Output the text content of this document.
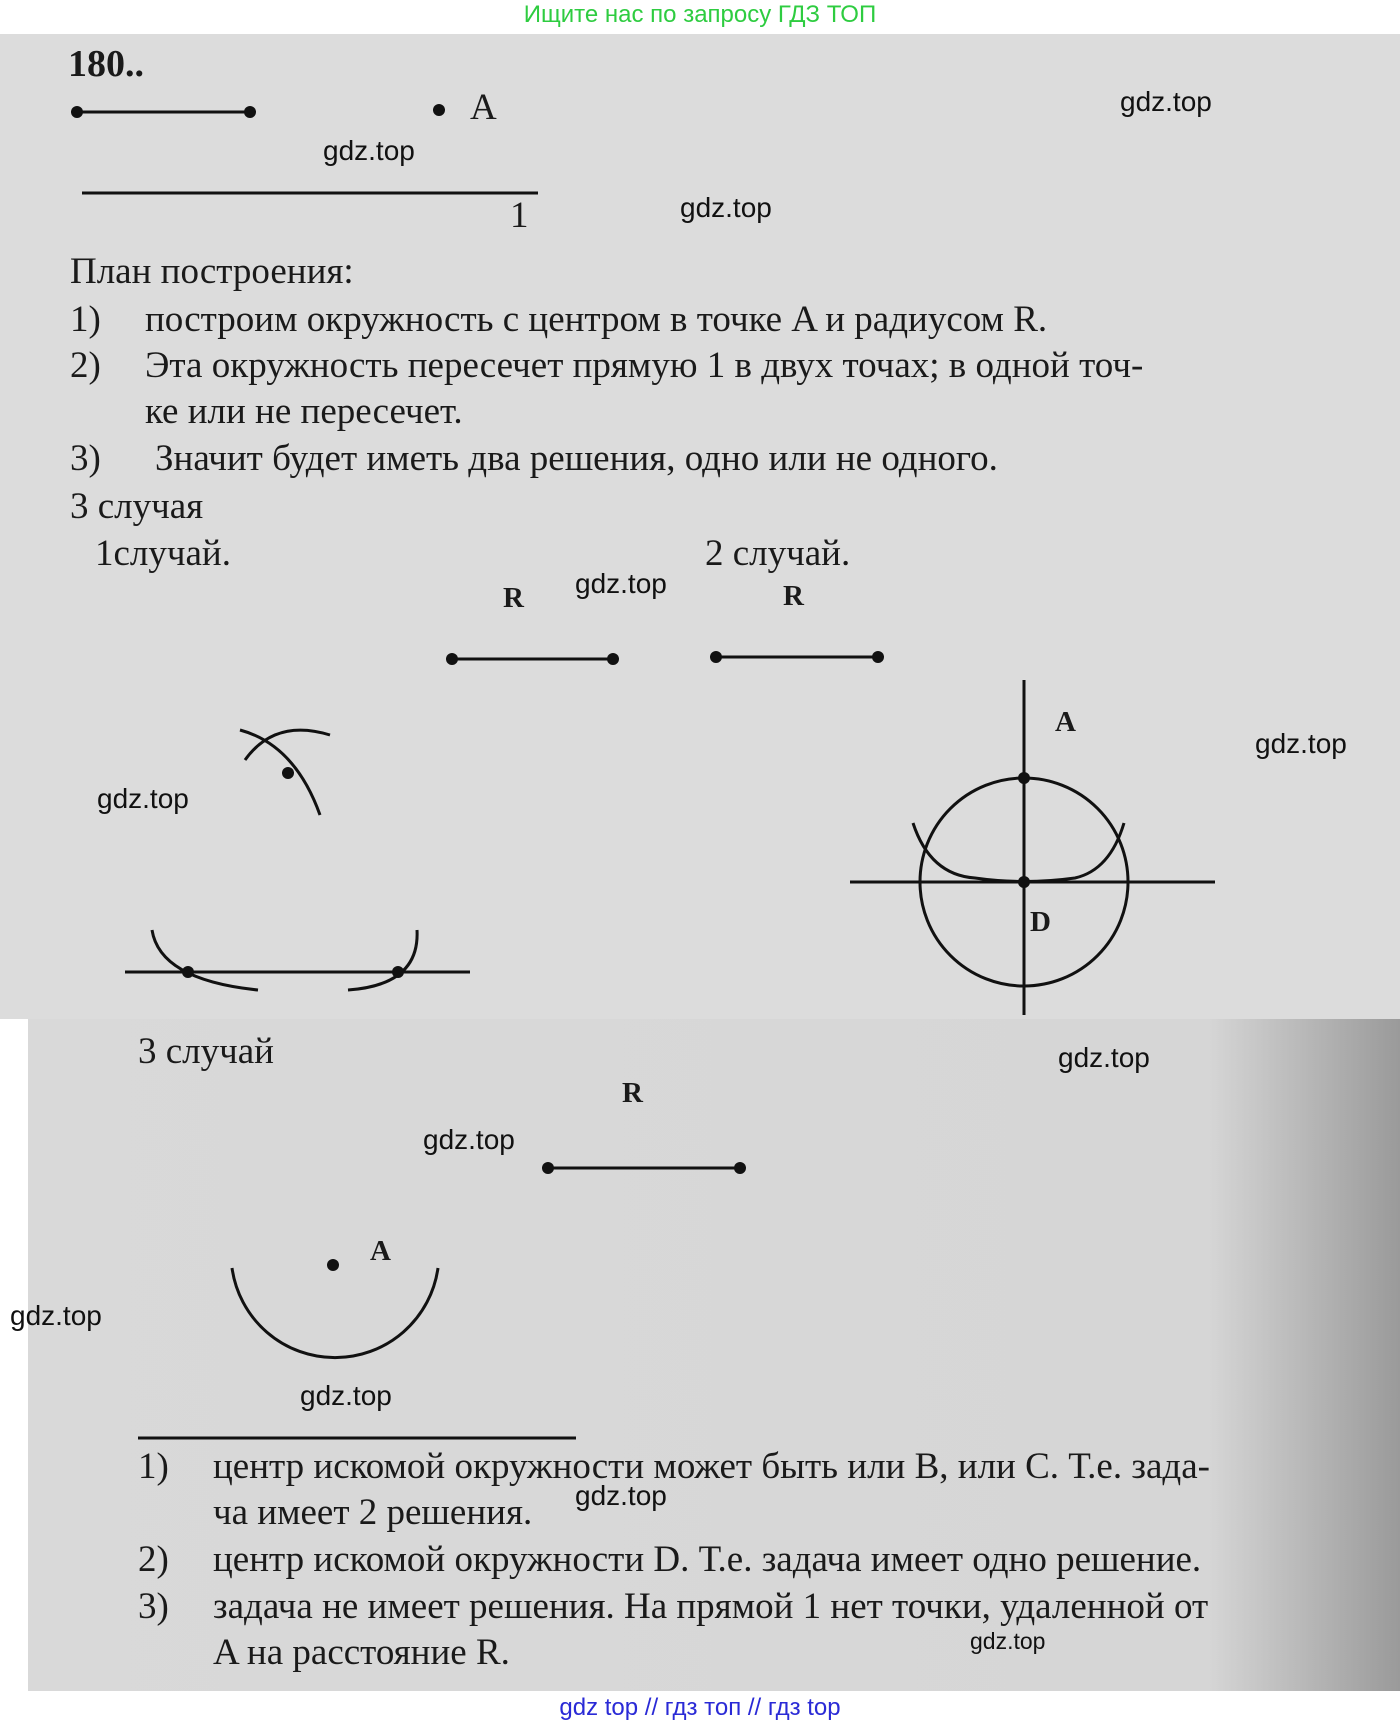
Ищите нас по запросу ГДЗ ТОП
180..
A
1
План построения:
1) построим окружность с центром в точке A и радиусом R.
2) Эта окружность пересечет прямую 1 в двух точах; в одной точ-
ке или не пересечет.
3) Значит будет иметь два решения, одно или не одного.
3 случая
1случай.	2 случай.
R	R
A
D
3 случай
R
A
1) центр искомой окружности может быть или B, или C. Т.е. зада-
ча имеет 2 решения.
2) центр искомой окружности D. Т.е. задача имеет одно решение.
3) задача не имеет решения. На прямой 1 нет точки, удаленной от
A на расстояние R.
gdz.top
gdz.top
gdz.top
gdz.top
gdz.top
gdz.top
gdz.top
gdz.top
gdz.top
gdz.top
gdz.top
gdz.top
gdz top // гдз топ // гдз top
